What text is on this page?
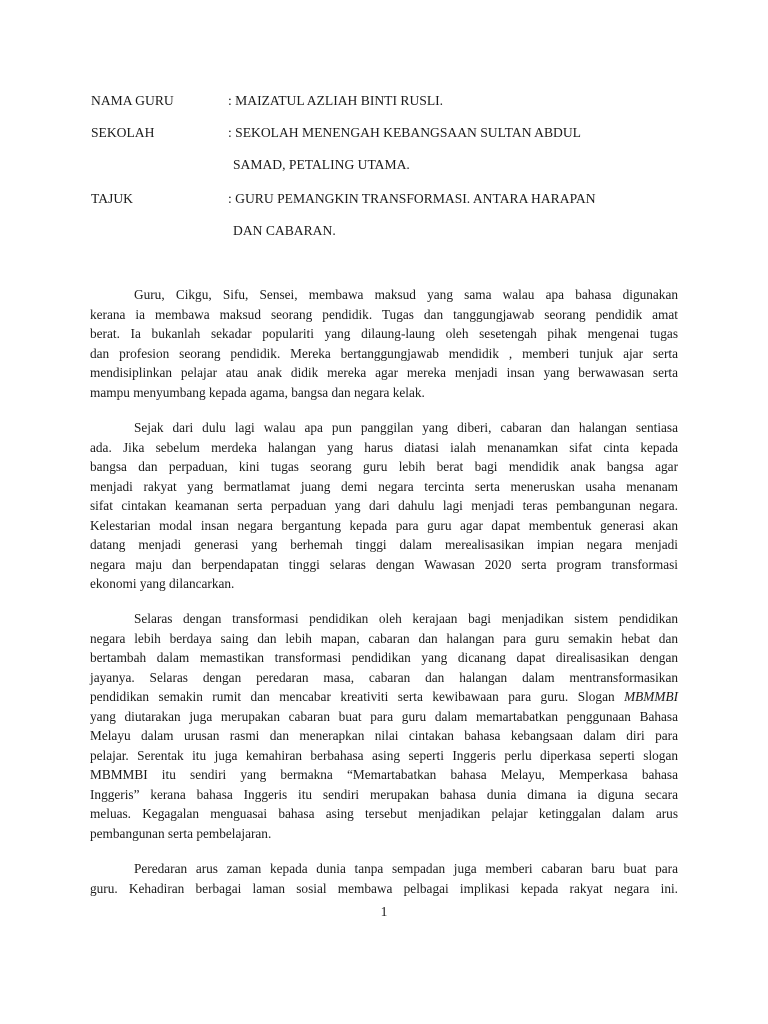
NAMA GURU	: MAIZATUL AZLIAH BINTI RUSLI.
SEKOLAH	: SEKOLAH MENENGAH KEBANGSAAN SULTAN ABDUL
SAMAD, PETALING UTAMA.
TAJUK	: GURU PEMANGKIN TRANSFORMASI. ANTARA HARAPAN
DAN CABARAN.
Guru, Cikgu, Sifu, Sensei, membawa maksud yang sama walau apa bahasa digunakan
kerana ia membawa maksud seorang pendidik. Tugas dan tanggungjawab seorang pendidik amat
berat. Ia bukanlah sekadar populariti yang dilaung-laung oleh sesetengah pihak mengenai tugas
dan profesion seorang pendidik. Mereka bertanggungjawab mendidik , memberi tunjuk ajar serta
mendisiplinkan pelajar atau anak didik mereka agar mereka menjadi insan yang berwawasan serta
mampu menyumbang kepada agama, bangsa dan negara kelak.
Sejak dari dulu lagi walau apa pun panggilan yang diberi, cabaran dan halangan sentiasa
ada. Jika sebelum merdeka halangan yang harus diatasi ialah menanamkan sifat cinta kepada
bangsa dan perpaduan, kini tugas seorang guru lebih berat bagi mendidik anak bangsa agar
menjadi rakyat yang bermatlamat juang demi negara tercinta serta meneruskan usaha menanam
sifat cintakan keamanan serta perpaduan yang dari dahulu lagi menjadi teras pembangunan negara.
Kelestarian modal insan negara bergantung kepada para guru agar dapat membentuk generasi akan
datang menjadi generasi yang berhemah tinggi dalam merealisasikan impian negara menjadi
negara maju dan berpendapatan tinggi selaras dengan Wawasan 2020 serta program transformasi
ekonomi yang dilancarkan.
Selaras dengan transformasi pendidikan oleh kerajaan bagi menjadikan sistem pendidikan
negara lebih berdaya saing dan lebih mapan, cabaran dan halangan para guru semakin hebat dan
bertambah dalam memastikan transformasi pendidikan yang dicanang dapat direalisasikan dengan
jayanya. Selaras dengan peredaran masa, cabaran dan halangan dalam mentransformasikan
pendidikan semakin rumit dan mencabar kreativiti serta kewibawaan para guru. Slogan MBMMBI
yang diutarakan juga merupakan cabaran buat para guru dalam memartabatkan penggunaan Bahasa
Melayu dalam urusan rasmi dan menerapkan nilai cintakan bahasa kebangsaan dalam diri para
pelajar. Serentak itu juga kemahiran berbahasa asing seperti Inggeris perlu diperkasa seperti slogan
MBMMBI itu sendiri yang bermakna “Memartabatkan bahasa Melayu, Memperkasa bahasa
Inggeris” kerana bahasa Inggeris itu sendiri merupakan bahasa dunia dimana ia diguna secara
meluas. Kegagalan menguasai bahasa asing tersebut menjadikan pelajar ketinggalan dalam arus
pembangunan serta pembelajaran.
Peredaran arus zaman kepada dunia tanpa sempadan juga memberi cabaran baru buat para
guru. Kehadiran berbagai laman sosial membawa pelbagai implikasi kepada rakyat negara ini.
1
